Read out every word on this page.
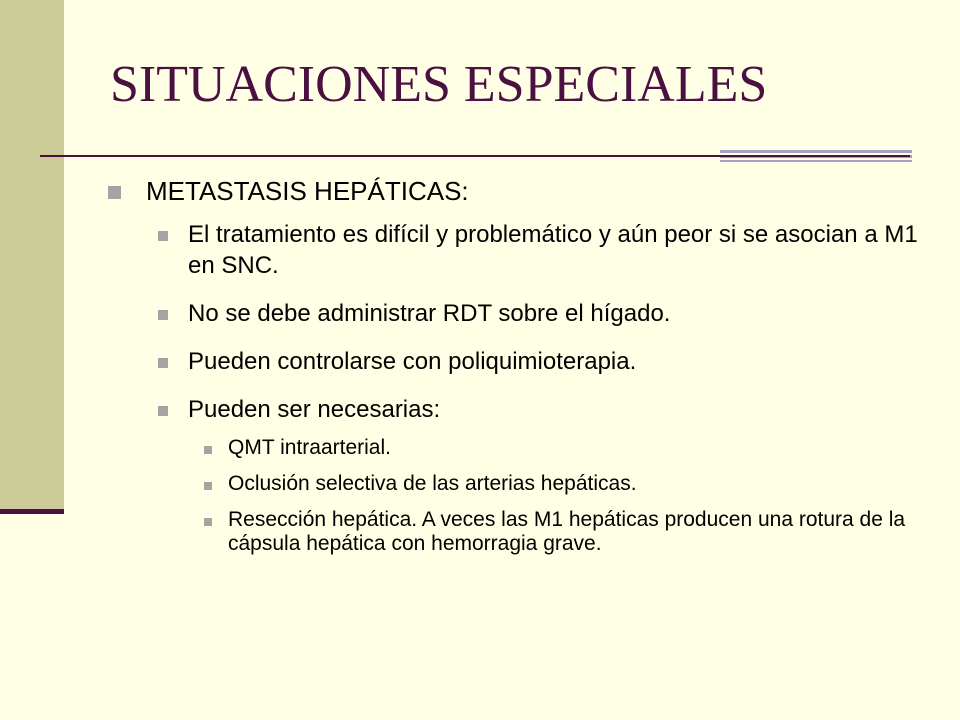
SITUACIONES ESPECIALES
METASTASIS HEPÁTICAS:
El tratamiento es difícil y problemático y aún peor si se asocian a M1 en SNC.
No se debe administrar RDT sobre el hígado.
Pueden controlarse con poliquimioterapia.
Pueden ser necesarias:
QMT intraarterial.
Oclusión selectiva de las arterias hepáticas.
Resección hepática. A veces las M1 hepáticas producen una rotura de la cápsula hepática con hemorragia grave.
